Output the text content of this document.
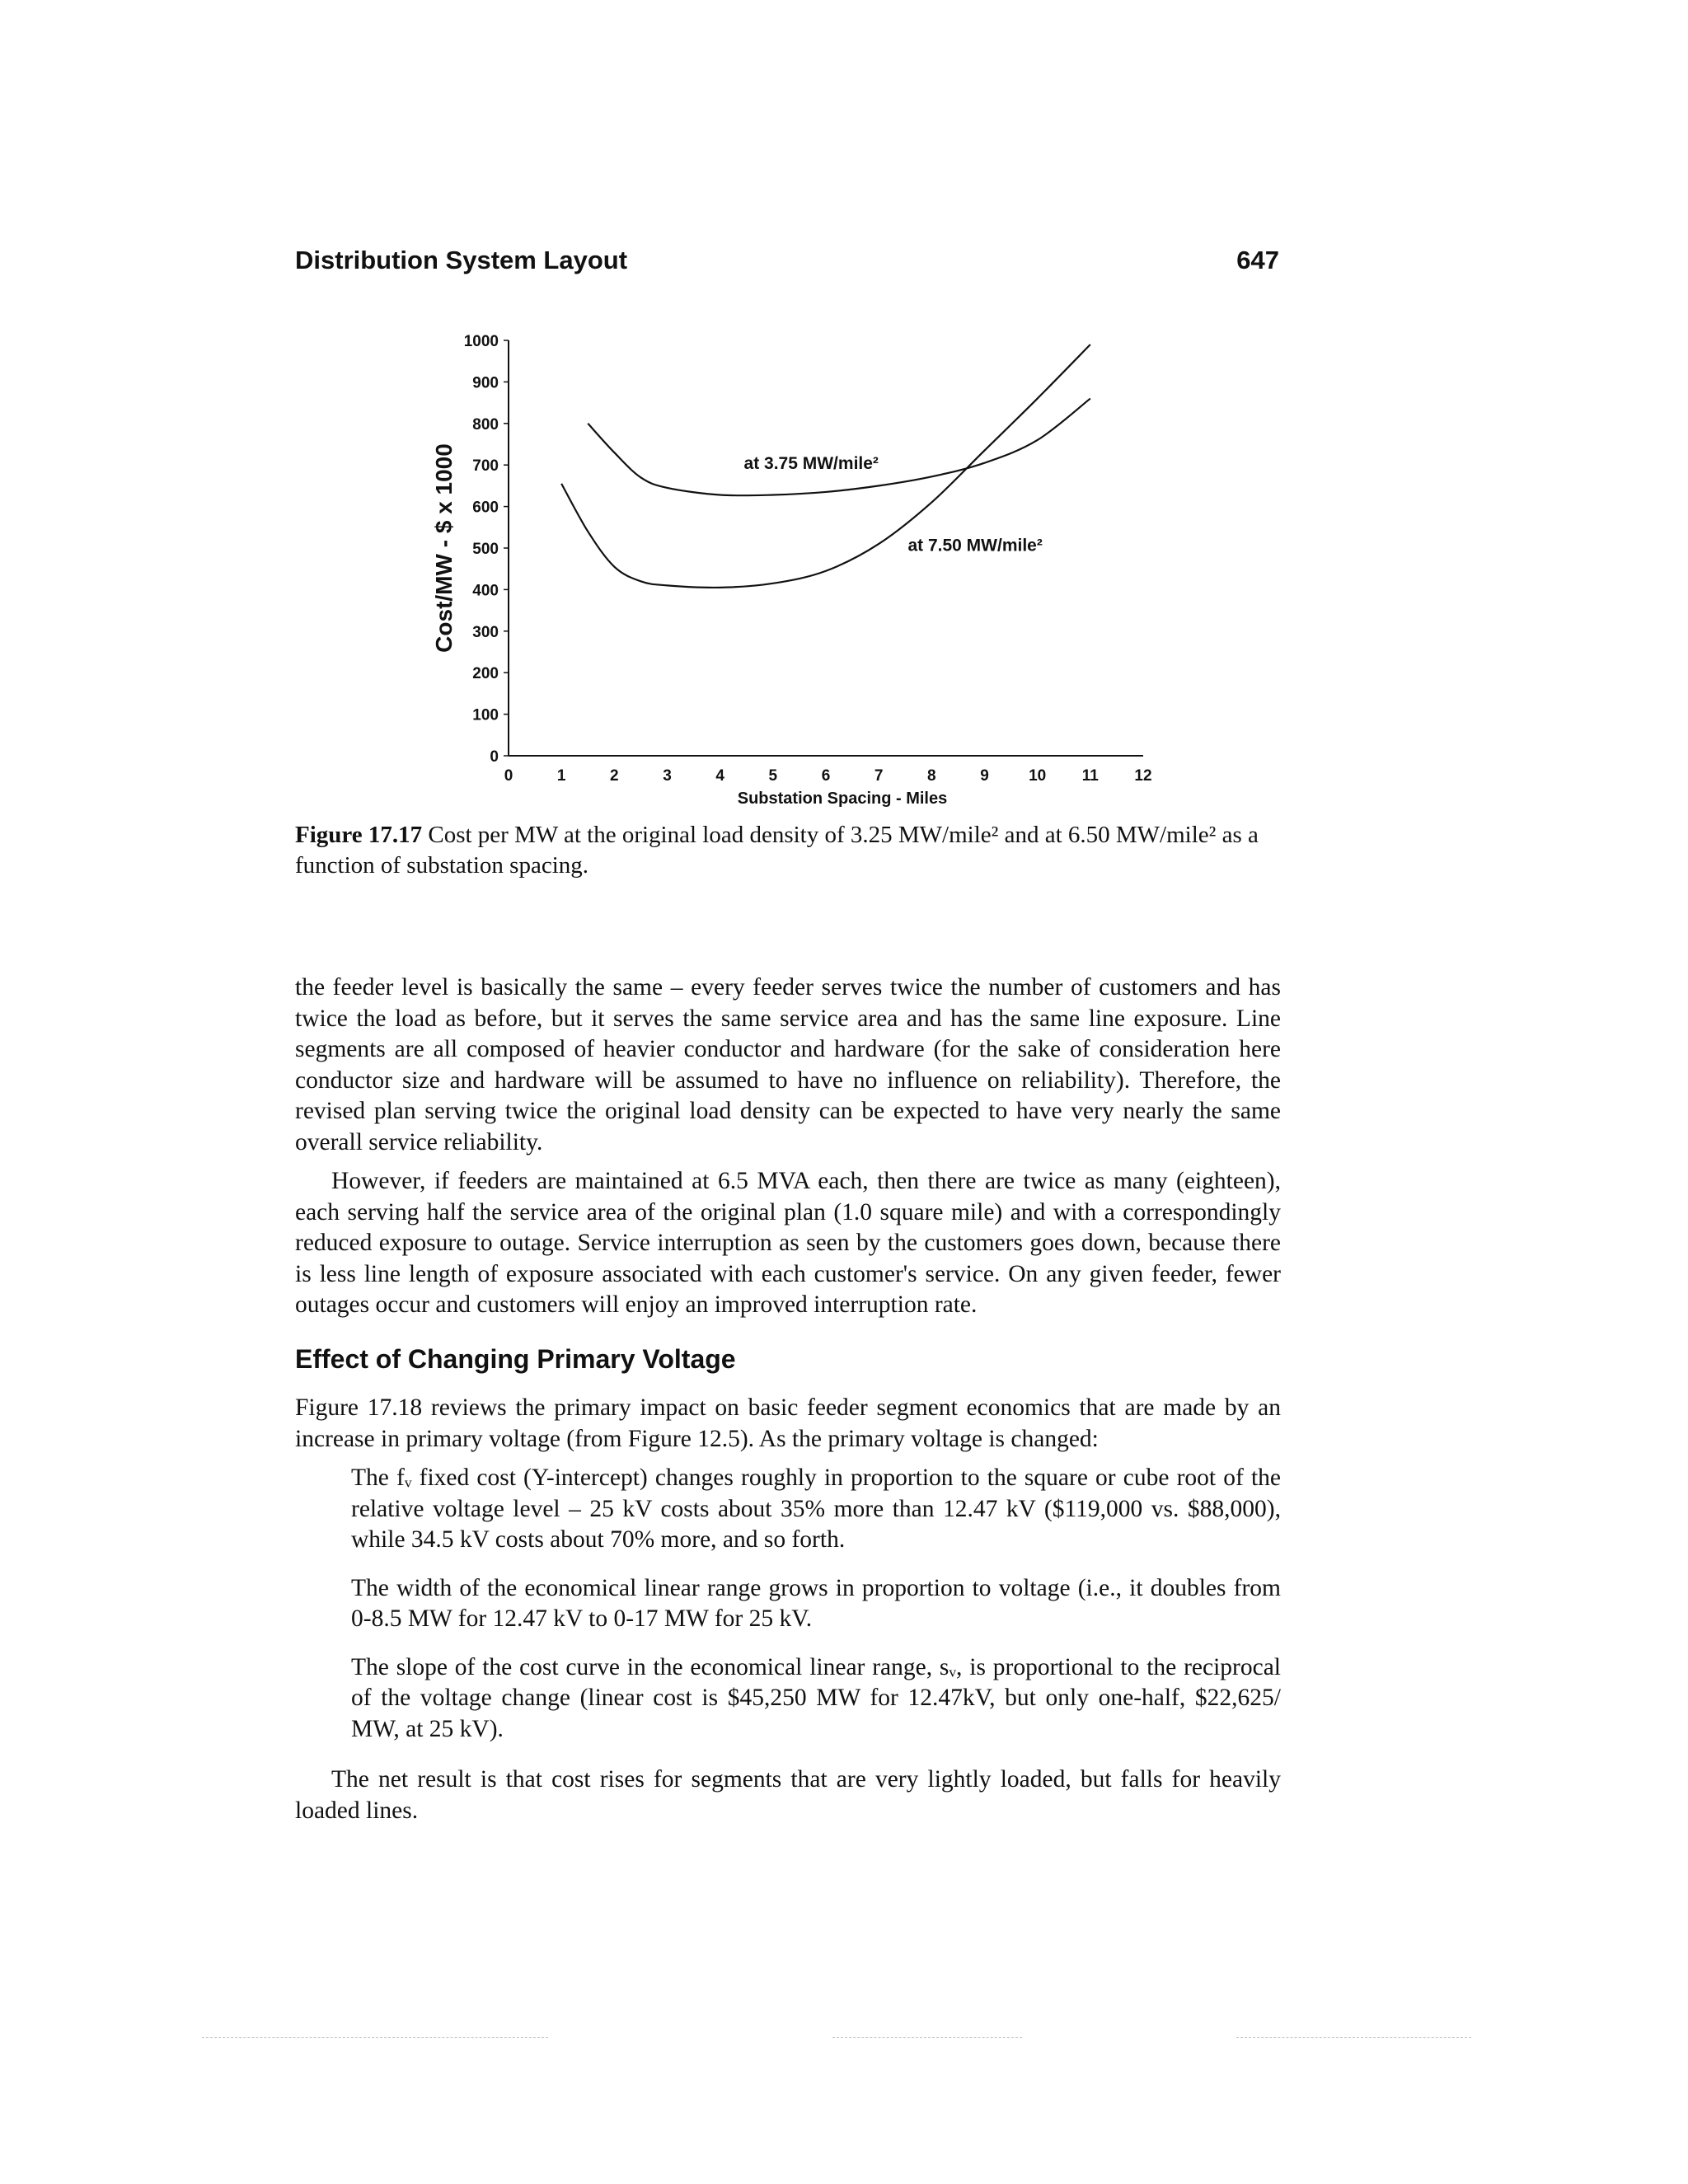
Distribution System Layout	647
0
100
200
300
400
500
600
700
800
900
1000
0	1	2	3	4	5	6	7	8	9	10 11 12
Substation Spacing - Miles
Cost/MW - $ x 1000	at 3.75 MW/mile²
at 7.50 MW/mile²
Figure 17.17 Cost per MW at the original load density of 3.25 MW/mile² and at 6.50 MW/mile² as a function of substation spacing.

the feeder level is basically the same – every feeder serves twice the number of customers and has twice the load as before, but it serves the same service area and has the same line exposure. Line segments are all composed of heavier conductor and hardware (for the sake of consideration here conductor size and hardware will be assumed to have no influence on reliability). Therefore, the revised plan serving twice the original load density can be expected to have very nearly the same overall service reliability.

However, if feeders are maintained at 6.5 MVA each, then there are twice as many (eighteen), each serving half the service area of the original plan (1.0 square mile) and with a correspondingly reduced exposure to outage. Service interruption as seen by the customers goes down, because there is less line length of exposure associated with each customer's service. On any given feeder, fewer outages occur and customers will enjoy an improved interruption rate.

Effect of Changing Primary Voltage

Figure 17.18 reviews the primary impact on basic feeder segment economics that are made by an increase in primary voltage (from Figure 12.5). As the primary voltage is changed:

The fᵥ fixed cost (Y-intercept) changes roughly in proportion to the square or cube root of the relative voltage level – 25 kV costs about 35% more than 12.47 kV ($119,000 vs. $88,000), while 34.5 kV costs about 70% more, and so forth.
The width of the economical linear range grows in proportion to voltage (i.e., it doubles from 0-8.5 MW for 12.47 kV to 0-17 MW for 25 kV.
The slope of the cost curve in the economical linear range, sᵥ, is proportional to the reciprocal of the voltage change (linear cost is $45,250 MW for 12.47kV, but only one-half, $22,625/ MW, at 25 kV).

The net result is that cost rises for segments that are very lightly loaded, but falls for heavily loaded lines.
